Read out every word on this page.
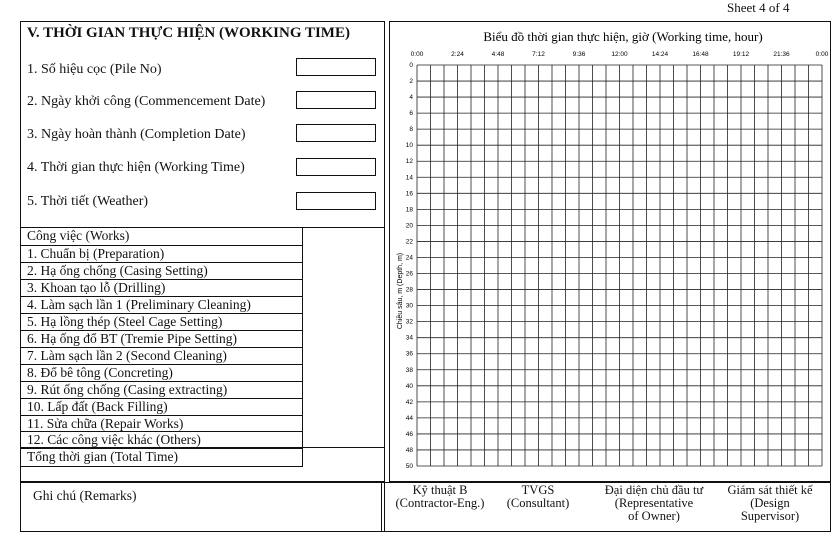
Sheet 4 of 4
V. THỜI GIAN THỰC HIỆN (WORKING TIME)
1. Số hiệu cọc (Pile No)
2. Ngày khởi công (Commencement Date)
3. Ngày hoàn thành (Completion Date)
4. Thời gian thực hiện (Working Time)
5. Thời tiết (Weather)
Công việc (Works)
1. Chuẩn bị (Preparation)
2. Hạ ống chống (Casing Setting)
3. Khoan tạo lỗ (Drilling)
4. Làm sạch lần 1 (Preliminary Cleaning)
5. Hạ lồng thép (Steel Cage Setting)
6. Hạ ống đổ BT (Tremie Pipe Setting)
7. Làm sạch lần 2 (Second Cleaning)
8. Đổ bê tông (Concreting)
9. Rút ống chống (Casing extracting)
10. Lấp đất (Back Filling)
11. Sửa chữa (Repair Works)
12. Các công việc khác (Others)
Tổng thời gian (Total Time)
Biểu đồ thời gian thực hiện, giờ (Working time, hour)
Chiều sâu, m (Depth, m)
0:00	2:24	4:48	7:12	9:36	12:00	14:24	16:48	19:12	21:36	0:00
0
2
4
6
8
10
12
14
16
18
20
22
24
26
28
30
32
34
36
38
40
42
44
46
48
50
Ghi chú (Remarks)	Kỹ thuật B
(Contractor-Eng.)
TVGS
(Consultant)
Đại diện chủ đầu tư
(Representative
of Owner)
Giám sát thiết kế
(Design
Supervisor)
